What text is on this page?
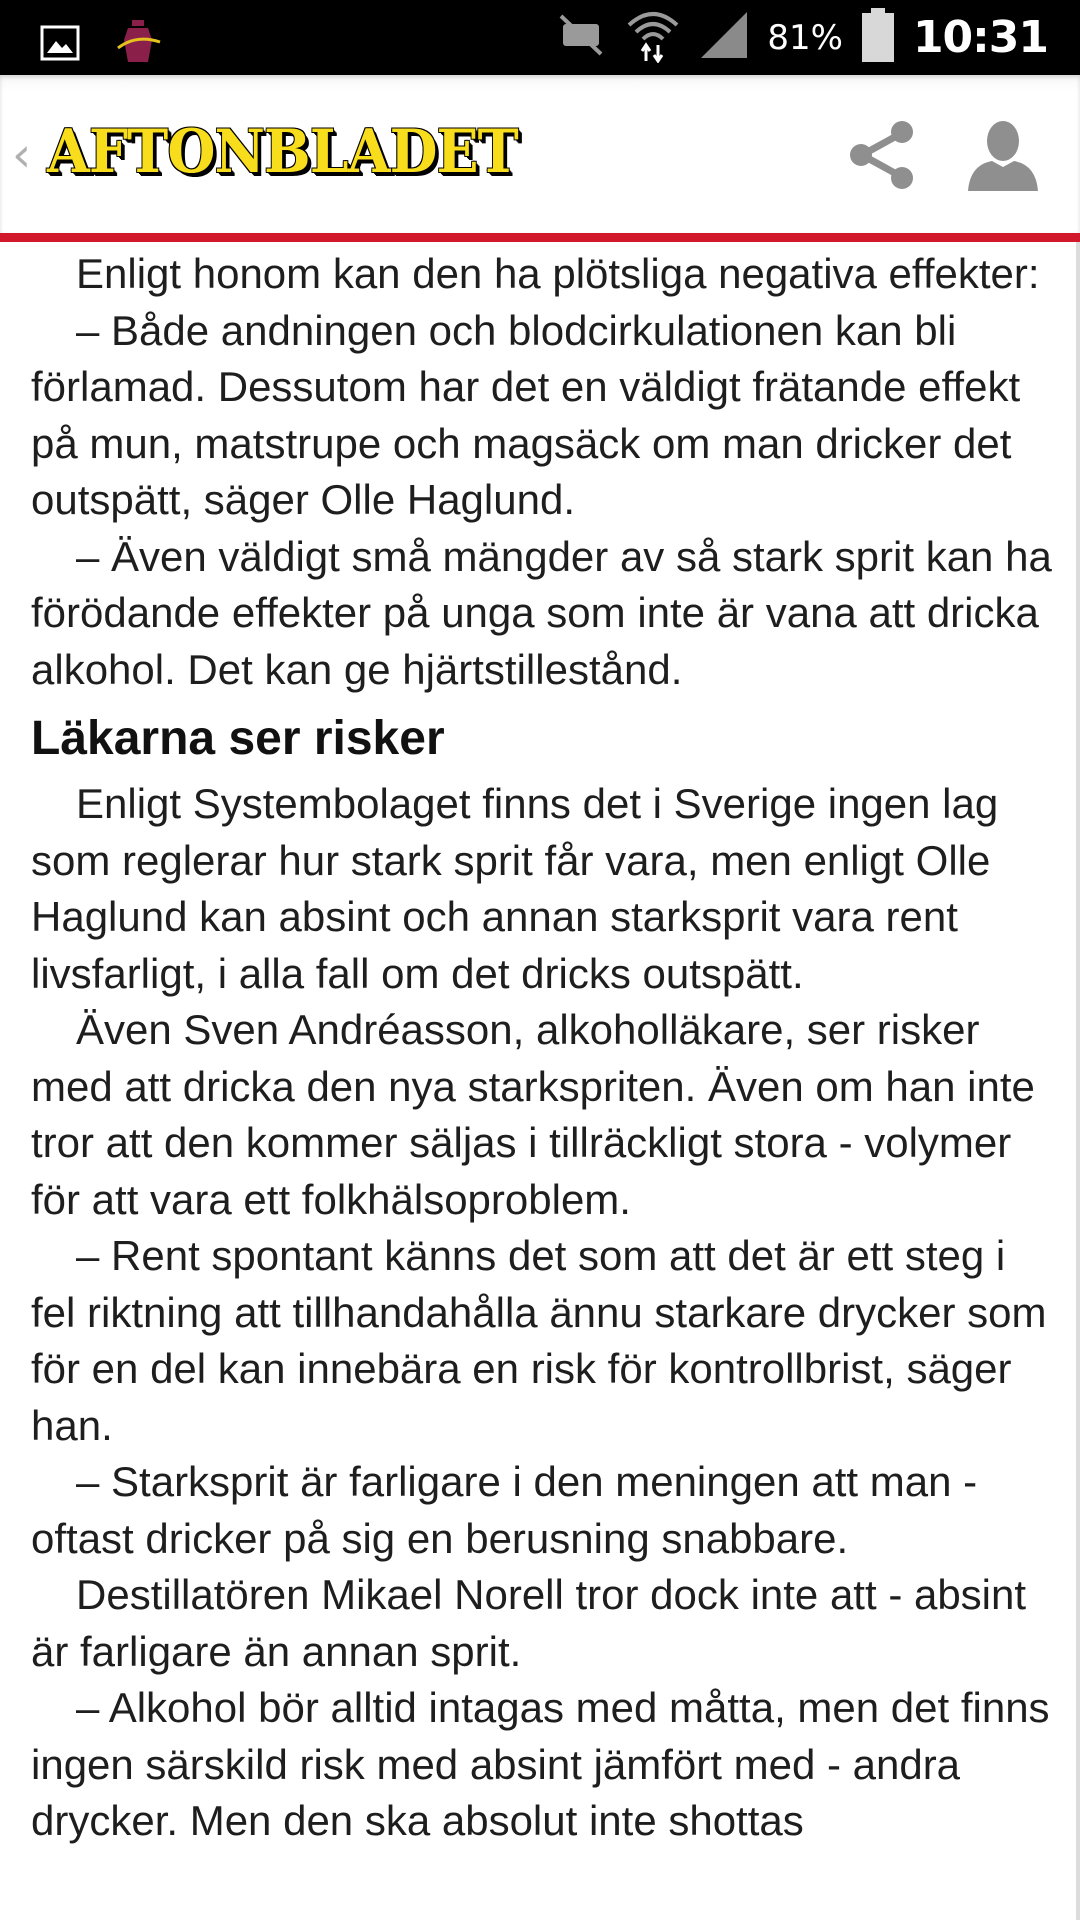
81% 10:31
‹ AFTONBLADET

Enligt honom kan den ha plötsliga negativa effekter:

– Både andningen och blodcirkulationen kan bli förlamad. Dessutom har det en väldigt frätande effekt på mun, matstrupe och magsäck om man dricker det outspätt, säger Olle Haglund.

– Även väldigt små mängder av så stark sprit kan ha förödande effekter på unga som inte är vana att dricka alkohol. Det kan ge hjärtstillestånd.

Läkarna ser risker

Enligt Systembolaget finns det i Sverige ingen lag som reglerar hur stark sprit får vara, men enligt Olle Haglund kan absint och annan starksprit vara rent livsfarligt, i alla fall om det dricks outspätt.

Även Sven Andréasson, alkoholläkare, ser risker med att dricka den nya starkspriten. Även om han inte tror att den kommer säljas i tillräckligt stora - volymer för att vara ett folkhälsoproblem.

– Rent spontant känns det som att det är ett steg i fel riktning att tillhandahålla ännu starkare drycker som för en del kan innebära en risk för kontrollbrist, säger han.

– Starksprit är farligare i den meningen att man - oftast dricker på sig en berusning snabbare.

Destillatören Mikael Norell tror dock inte att - absint är farligare än annan sprit.

– Alkohol bör alltid intagas med måtta, men det finns ingen särskild risk med absint jämfört med - andra drycker. Men den ska absolut inte shottas
